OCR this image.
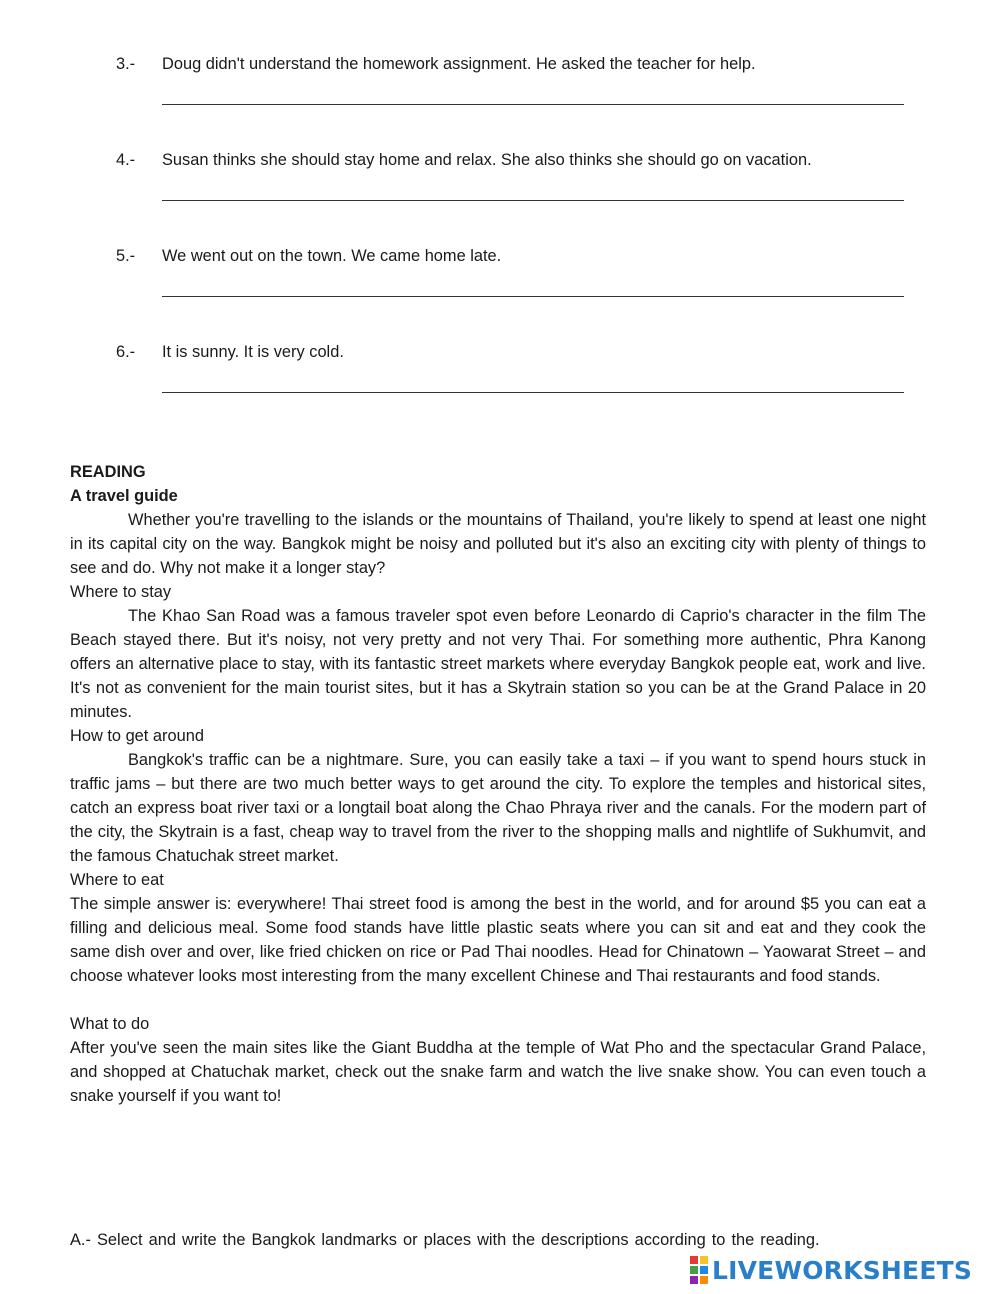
3.- Doug didn't understand the homework assignment. He asked the teacher for help.
4.- Susan thinks she should stay home and relax. She also thinks she should go on vacation.
5.- We went out on the town. We came home late.
6.- It is sunny. It is very cold.

READING

A travel guide

Whether you're travelling to the islands or the mountains of Thailand, you're likely to spend at least one night in its capital city on the way. Bangkok might be noisy and polluted but it's also an exciting city with plenty of things to see and do. Why not make it a longer stay?

Where to stay

The Khao San Road was a famous traveler spot even before Leonardo di Caprio's character in the film The Beach stayed there. But it's noisy, not very pretty and not very Thai. For something more authentic, Phra Kanong offers an alternative place to stay, with its fantastic street markets where everyday Bangkok people eat, work and live. It's not as convenient for the main tourist sites, but it has a Skytrain station so you can be at the Grand Palace in 20 minutes.

How to get around

Bangkok's traffic can be a nightmare. Sure, you can easily take a taxi – if you want to spend hours stuck in traffic jams – but there are two much better ways to get around the city. To explore the temples and historical sites, catch an express boat river taxi or a longtail boat along the Chao Phraya river and the canals. For the modern part of the city, the Skytrain is a fast, cheap way to travel from the river to the shopping malls and nightlife of Sukhumvit, and the famous Chatuchak street market.

Where to eat

The simple answer is: everywhere! Thai street food is among the best in the world, and for around $5 you can eat a filling and delicious meal. Some food stands have little plastic seats where you can sit and eat and they cook the same dish over and over, like fried chicken on rice or Pad Thai noodles. Head for Chinatown – Yaowarat Street – and choose whatever looks most interesting from the many excellent Chinese and Thai restaurants and food stands.

What to do

After you've seen the main sites like the Giant Buddha at the temple of Wat Pho and the spectacular Grand Palace, and shopped at Chatuchak market, check out the snake farm and watch the live snake show. You can even touch a snake yourself if you want to!

A.- Select and write the Bangkok landmarks or places with the descriptions according to the reading.

LIVEWORKSHEETS
